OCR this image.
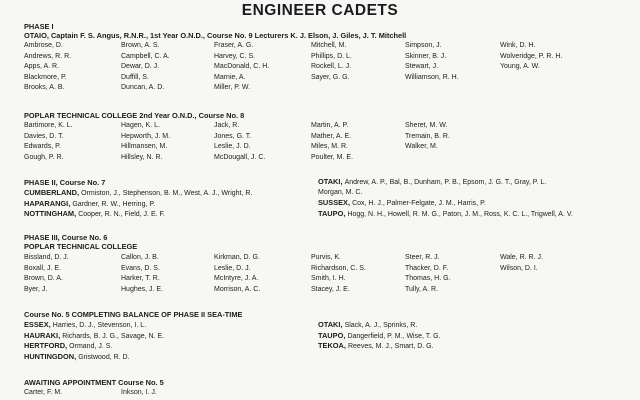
ENGINEER CADETS
PHASE I
OTAIO, Captain F. S. Angus, R.N.R., 1st Year O.N.D., Course No. 9 Lecturers K. J. Elson, J. Giles, J. T. Mitchell
Ambrose, D.
Andrews, R. R.
Apps, A. R.
Blackmore, P.
Brooks, A. B.
Brown, A. S.
Campbell, C. A.
Dewar, D. J.
Duffill, S.
Duncan, A. D.
Fraser, A. G.
Harvey, C. S.
MacDonald, C. H.
Marnie, A.
Miller, P. W.
Mitchell, M.
Phillips, D. L.
Rockell, L. J.
Sayer, G. G.
Simpson, J.
Skinner, B. J.
Stewart, J.
Williamson, R. H.
Wink, D. H.
Wolveridge, P. R. H.
Young, A. W.
POPLAR TECHNICAL COLLEGE 2nd Year O.N.D., Course No. 8
Bartimore, K. L.
Davies, D. T.
Edwards, P.
Gough, P. R.
Hagen, K. L.
Hepworth, J. M.
Hillmansen, M.
Hillsley, N. R.
Jack, R.
Jones, G. T.
Leslie, J. D.
McDougall, J. C.
Martin, A. P.
Mather, A. E.
Miles, M. R.
Poulter, M. E.
Sheret, M. W.
Tremain, B. R.
Walker, M.
PHASE II, Course No. 7
CUMBERLAND, Ormiston, J., Stephenson, B. M., West, A. J., Wright, R.
HAPARANGI, Gardner, R. W., Herring, P.
NOTTINGHAM, Cooper, R. N., Field, J. E. F.
OTAKI, Andrew, A. P., Bal, B., Dunham, P. B., Epsom, J. G. T., Gray, P. L.
Morgan, M. C.
SUSSEX, Cox, H. J., Palmer-Felgate, J. M., Harris, P.
TAUPO, Hogg, N. H., Howell, R. M. G., Paton, J. M., Ross, K. C. L., Trigwell, A. V.
PHASE III, Course No. 6
POPLAR TECHNICAL COLLEGE
Bissland, D. J.
Boxall, J. E.
Brown, D. A.
Byer, J.
Callon, J. B.
Evans, D. S.
Harker, T. R.
Hughes, J. E.
Kirkman, D. G.
Leslie, D. J.
McIntyre, J. A.
Morrison, A. C.
Purvis, K.
Richardson, C. S.
Smith, I. H.
Stacey, J. E.
Steer, R. J.
Thacker, D. F.
Thomas, H. G.
Tully, A. R.
Wale, R. R. J.
Wilson, D. I.
Course No. 5 COMPLETING BALANCE OF PHASE II SEA-TIME
ESSEX, Harries, D. J., Stevenson, I. L.
HAURAKI, Richards, B. J. G., Savage, N. E.
HERTFORD, Ormand, J. S.
HUNTINGDON, Gristwood, R. D.
OTAKI, Slack, A. J., Sprinks, R.
TAUPO, Dangerfield, P. M., Wise, T. G.
TEKOA, Reeves, M. J., Smart, D. G.
AWAITING APPOINTMENT Course No. 5
Carter, F. M.	Inkson, I. J.
